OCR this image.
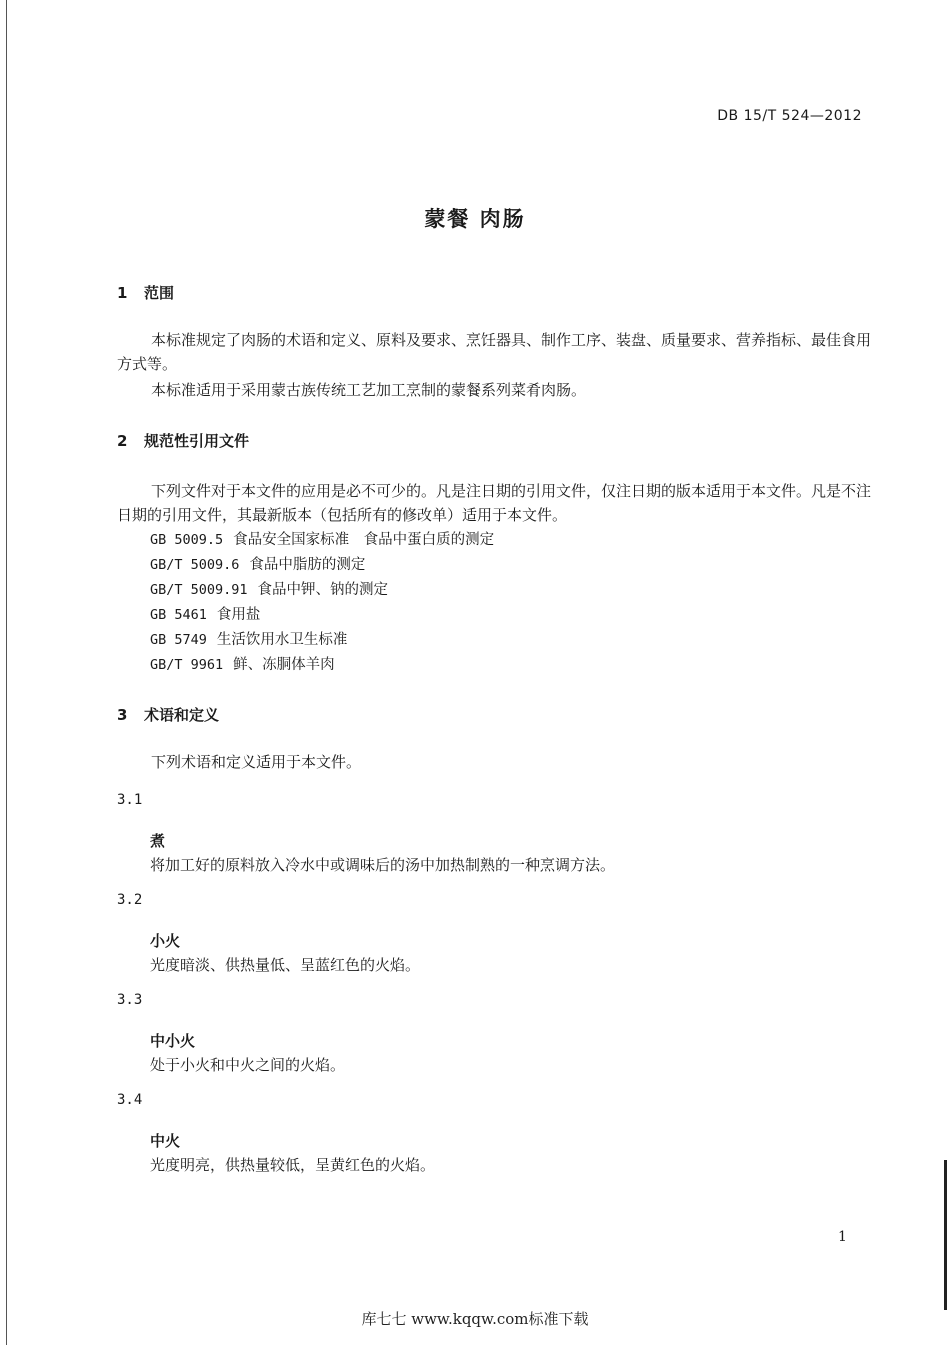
DB 15/T 524—2012
蒙餐 肉肠
1 范围
本标准规定了肉肠的术语和定义、原料及要求、烹饪器具、制作工序、装盘、质量要求、营养指标、最佳食用方式等。
本标准适用于采用蒙古族传统工艺加工烹制的蒙餐系列菜肴肉肠。
2 规范性引用文件
下列文件对于本文件的应用是必不可少的。凡是注日期的引用文件，仅注日期的版本适用于本文件。凡是不注日期的引用文件，其最新版本（包括所有的修改单）适用于本文件。
GB 5009.5 食品安全国家标准　食品中蛋白质的测定
GB/T 5009.6 食品中脂肪的测定
GB/T 5009.91 食品中钾、钠的测定
GB 5461 食用盐
GB 5749 生活饮用水卫生标准
GB/T 9961 鲜、冻胴体羊肉
3 术语和定义
下列术语和定义适用于本文件。
3.1
煮
将加工好的原料放入冷水中或调味后的汤中加热制熟的一种烹调方法。
3.2
小火
光度暗淡、供热量低、呈蓝红色的火焰。
3.3
中小火
处于小火和中火之间的火焰。
3.4
中火
光度明亮，供热量较低，呈黄红色的火焰。
1
库七七 www.kqqw.com标准下载
